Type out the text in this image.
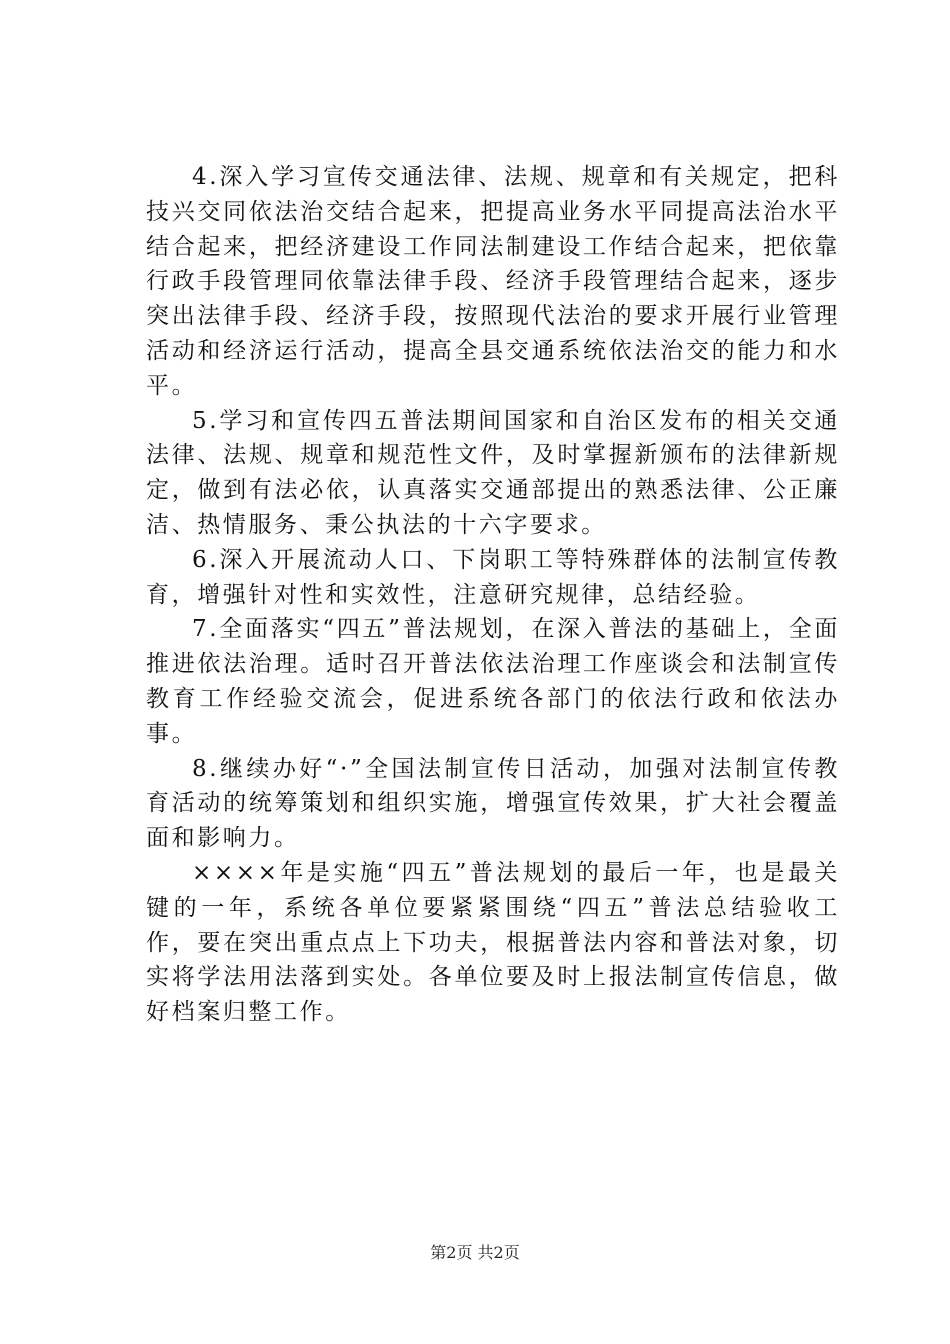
4.深入学习宣传交通法律、法规、规章和有关规定，把科技兴交同依法治交结合起来，把提高业务水平同提高法治水平结合起来，把经济建设工作同法制建设工作结合起来，把依靠行政手段管理同依靠法律手段、经济手段管理结合起来，逐步突出法律手段、经济手段，按照现代法治的要求开展行业管理活动和经济运行活动，提高全县交通系统依法治交的能力和水平。

5.学习和宣传四五普法期间国家和自治区发布的相关交通法律、法规、规章和规范性文件，及时掌握新颁布的法律新规定，做到有法必依，认真落实交通部提出的熟悉法律、公正廉洁、热情服务、秉公执法的十六字要求。

6.深入开展流动人口、下岗职工等特殊群体的法制宣传教育，增强针对性和实效性，注意研究规律，总结经验。

7.全面落实“四五”普法规划，在深入普法的基础上，全面推进依法治理。适时召开普法依法治理工作座谈会和法制宣传教育工作经验交流会，促进系统各部门的依法行政和依法办事。

8.继续办好“·”全国法制宣传日活动，加强对法制宣传教育活动的统筹策划和组织实施，增强宣传效果，扩大社会覆盖面和影响力。

××××年是实施“四五”普法规划的最后一年，也是最关键的一年，系统各单位要紧紧围绕“四五”普法总结验收工作，要在突出重点点上下功夫，根据普法内容和普法对象，切实将学法用法落到实处。各单位要及时上报法制宣传信息，做好档案归整工作。

第2页 共2页
